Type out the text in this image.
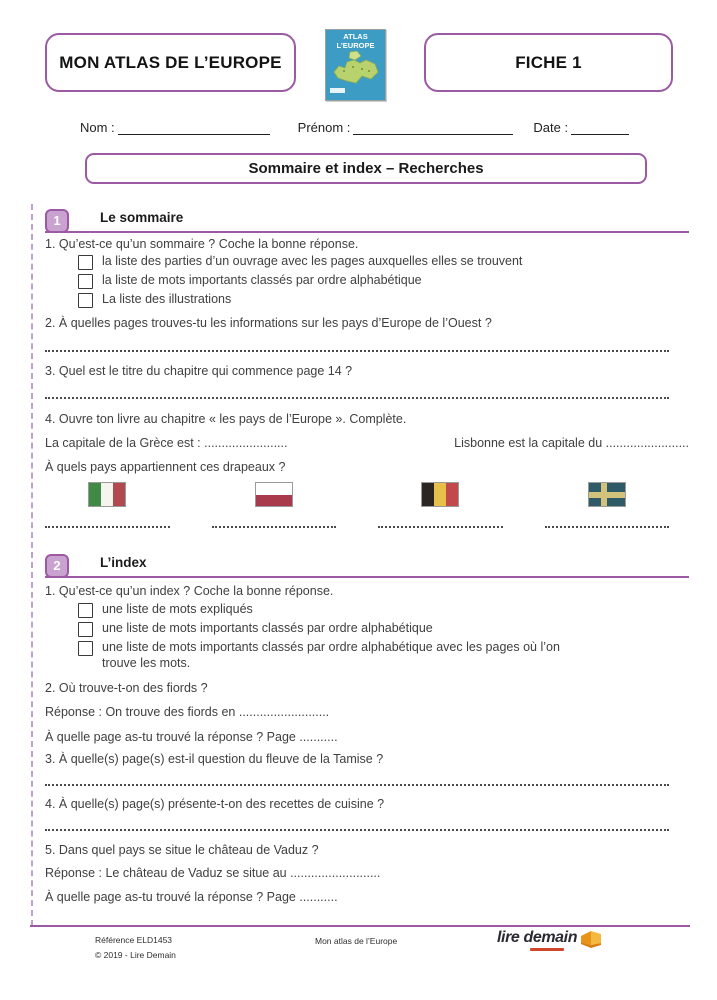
MON ATLAS DE L’EUROPE
ATLAS
L’EUROPE
FICHE 1
Nom :	Prénom :	Date :
Sommaire et index – Recherches
1	Le sommaire
1. Qu’est-ce qu’un sommaire ? Coche la bonne réponse.
la liste des parties d’un ouvrage avec les pages auxquelles elles se trouvent
la liste de mots importants classés par ordre alphabétique
La liste des illustrations
2. À quelles pages trouves-tu les informations sur les pays d’Europe de l’Ouest ?
3. Quel est le titre du chapitre qui commence page 14 ?
4. Ouvre ton livre au chapitre « les pays de l’Europe ». Complète.
La capitale de la Grèce est : ........................	Lisbonne est la capitale du ........................
À quels pays appartiennent ces drapeaux ?
2	L’index
1. Qu’est-ce qu’un index ? Coche la bonne réponse.
une liste de mots expliqués
une liste de mots importants classés par ordre alphabétique
une liste de mots importants classés par ordre alphabétique avec les pages où l’on trouve les mots.
2. Où trouve-t-on des fiords ?
Réponse : On trouve des fiords en ..........................
À quelle page as-tu trouvé la réponse ? Page ...........
3. À quelle(s) page(s) est-il question du fleuve de la Tamise ?
4. À quelle(s) page(s) présente-t-on des recettes de cuisine ?
5. Dans quel pays se situe le château de Vaduz ?
Réponse : Le château de Vaduz se situe au ..........................
À quelle page as-tu trouvé la réponse ? Page ...........
Référence ELD1453
© 2019 - Lire Demain
Mon atlas de l’Europe	lire demain
